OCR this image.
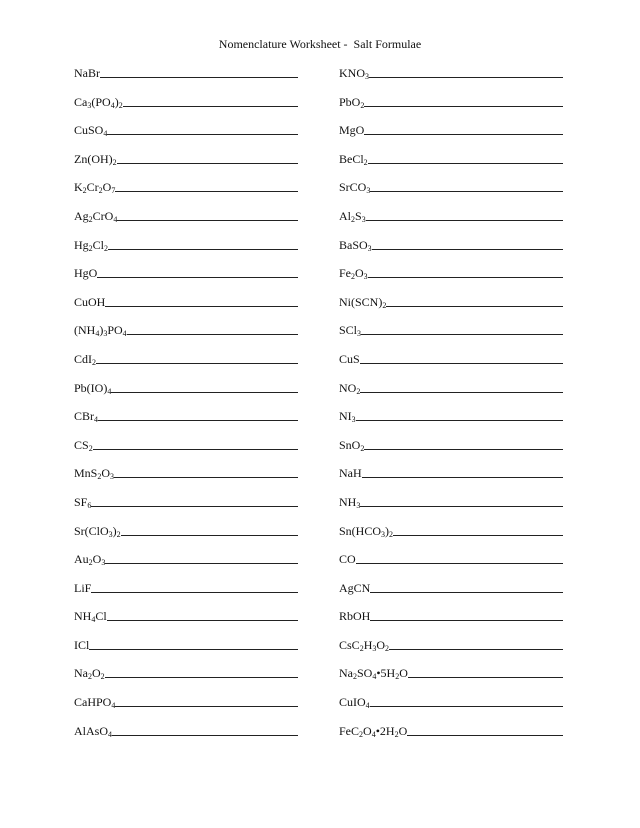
Nomenclature Worksheet -  Salt Formulae
NaBr
$Ca_3(PO_4)_2$
CuSO$_4$
$Zn(OH)_2$
$K_2Cr_2O_7$
$Ag_2CrO_4$
$Hg_2Cl_2$
HgO
CuOH
$(NH_4)_3PO_4$
CdI$_2$
$Pb(IO)_4$
CBr$_4$
$CS_2$
$MnS_2O_3$
$SF_6$
$Sr(ClO_3)_2$
$Au_2O_3$
LiF
$NH_4Cl$
ICl
$Na_2O_2$
CaHPO$_4$
AlAsO$_4$
$KNO_3$
PbO$_2$
MgO
BeCl$_2$
SrCO$_3$
$Al_2S_3$
BaSO$_3$
$Fe_2O_3$
$Ni(SCN)_2$
SCl$_3$
CuS
$NO_2$
$NI_3$
SnO$_2$
NaH
$NH_3$
$Sn(HCO_3)_2$
CO
AgCN
RbOH
$CsC_2H_3O_2$
$Na_2SO_4•5H_2O$
CuIO$_4$
$FeC_2O_4•2H_2O$
